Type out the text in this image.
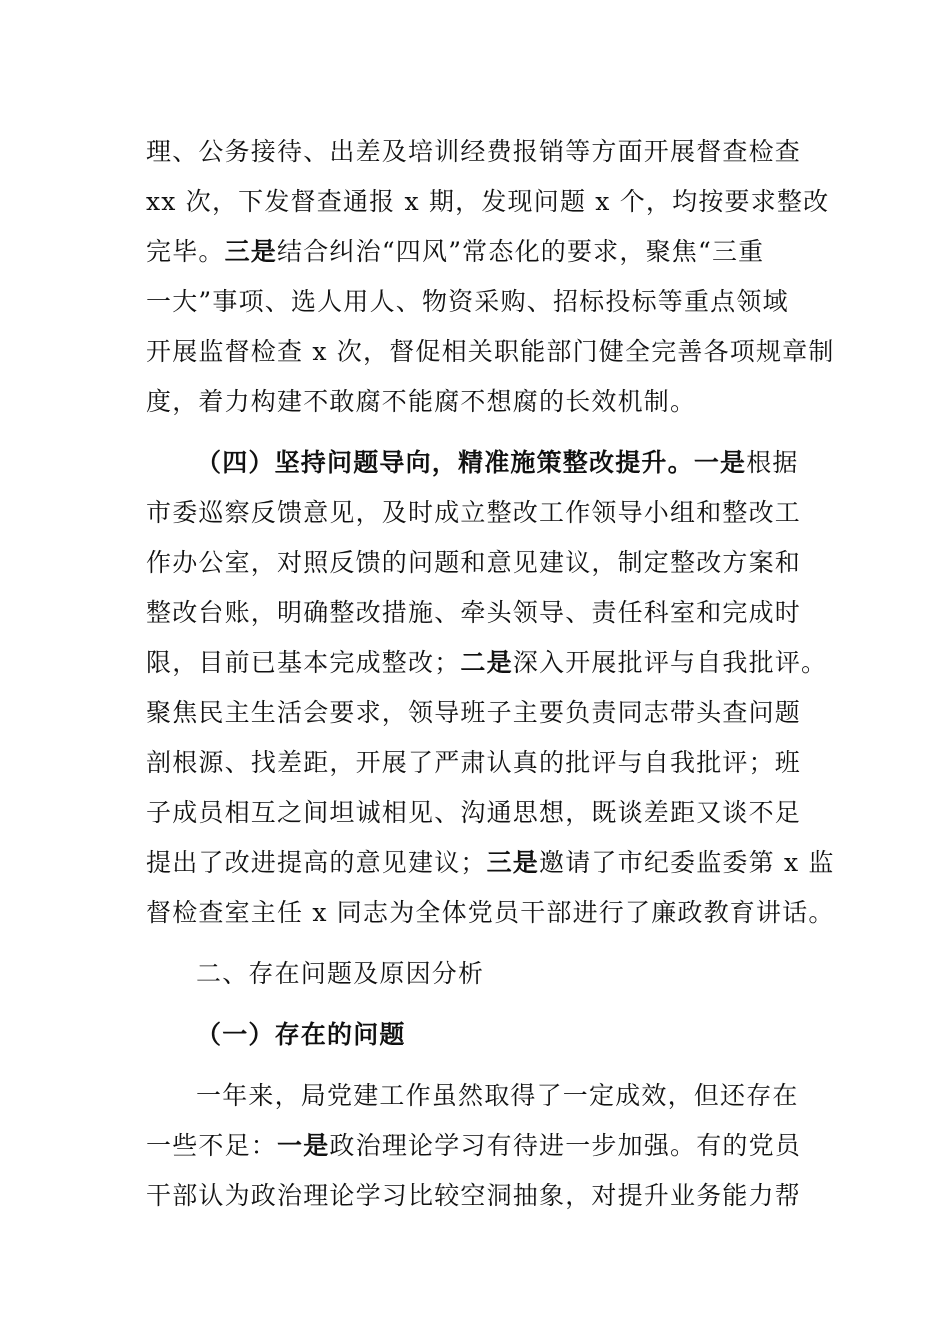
理、公务接待、出差及培训经费报销等方面开展督查检查
xx 次，下发督查通报 x 期，发现问题 x 个，均按要求整改
完毕。三是结合纠治“四风”常态化的要求，聚焦“三重
一大”事项、选人用人、物资采购、招标投标等重点领域
开展监督检查 x 次，督促相关职能部门健全完善各项规章制
度，着力构建不敢腐不能腐不想腐的长效机制。
（四）坚持问题导向，精准施策整改提升。一是根据
市委巡察反馈意见，及时成立整改工作领导小组和整改工
作办公室，对照反馈的问题和意见建议，制定整改方案和
整改台账，明确整改措施、牵头领导、责任科室和完成时
限，目前已基本完成整改；二是深入开展批评与自我批评。
聚焦民主生活会要求，领导班子主要负责同志带头查问题
剖根源、找差距，开展了严肃认真的批评与自我批评；班
子成员相互之间坦诚相见、沟通思想，既谈差距又谈不足
提出了改进提高的意见建议；三是邀请了市纪委监委第 x 监
督检查室主任 x 同志为全体党员干部进行了廉政教育讲话。
二、存在问题及原因分析
（一）存在的问题
一年来，局党建工作虽然取得了一定成效，但还存在
一些不足：一是政治理论学习有待进一步加强。有的党员
干部认为政治理论学习比较空洞抽象，对提升业务能力帮
